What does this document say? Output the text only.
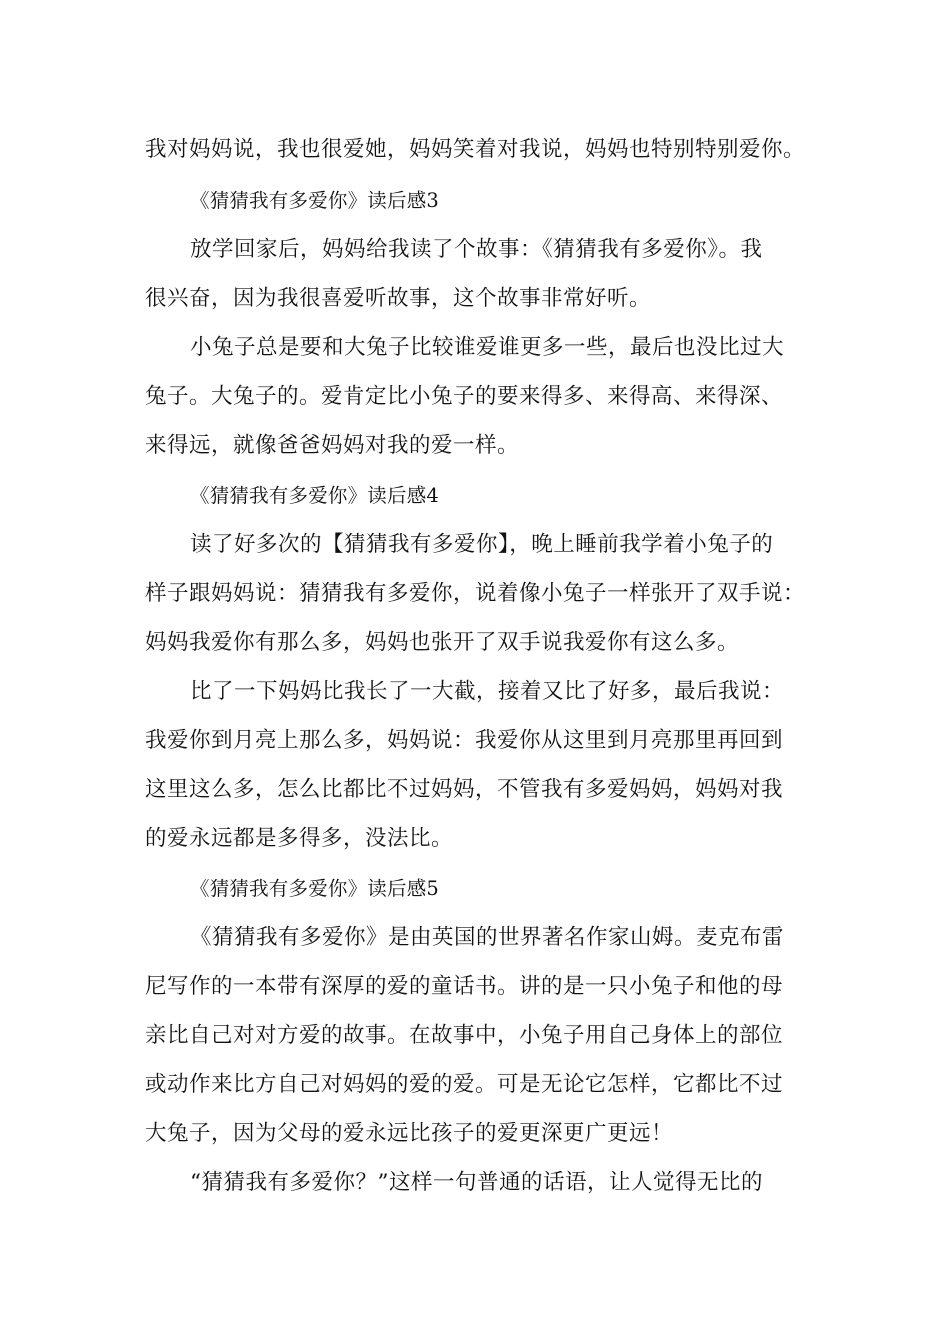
我对妈妈说，我也很爱她，妈妈笑着对我说，妈妈也特别特别爱你。
《猜猜我有多爱你》读后感3
放学回家后，妈妈给我读了个故事：《猜猜我有多爱你》。我
很兴奋，因为我很喜爱听故事，这个故事非常好听。
小兔子总是要和大兔子比较谁爱谁更多一些，最后也没比过大
兔子。大兔子的。爱肯定比小兔子的要来得多、来得高、来得深、
来得远，就像爸爸妈妈对我的爱一样。
《猜猜我有多爱你》读后感4
读了好多次的【猜猜我有多爱你】，晚上睡前我学着小兔子的
样子跟妈妈说：猜猜我有多爱你，说着像小兔子一样张开了双手说：
妈妈我爱你有那么多，妈妈也张开了双手说我爱你有这么多。
比了一下妈妈比我长了一大截，接着又比了好多，最后我说：
我爱你到月亮上那么多，妈妈说：我爱你从这里到月亮那里再回到
这里这么多，怎么比都比不过妈妈，不管我有多爱妈妈，妈妈对我
的爱永远都是多得多，没法比。
《猜猜我有多爱你》读后感5
《猜猜我有多爱你》是由英国的世界著名作家山姆。麦克布雷
尼写作的一本带有深厚的爱的童话书。讲的是一只小兔子和他的母
亲比自己对对方爱的故事。在故事中，小兔子用自己身体上的部位
或动作来比方自己对妈妈的爱的爱。可是无论它怎样，它都比不过
大兔子，因为父母的爱永远比孩子的爱更深更广更远！
“猜猜我有多爱你？”这样一句普通的话语，让人觉得无比的
